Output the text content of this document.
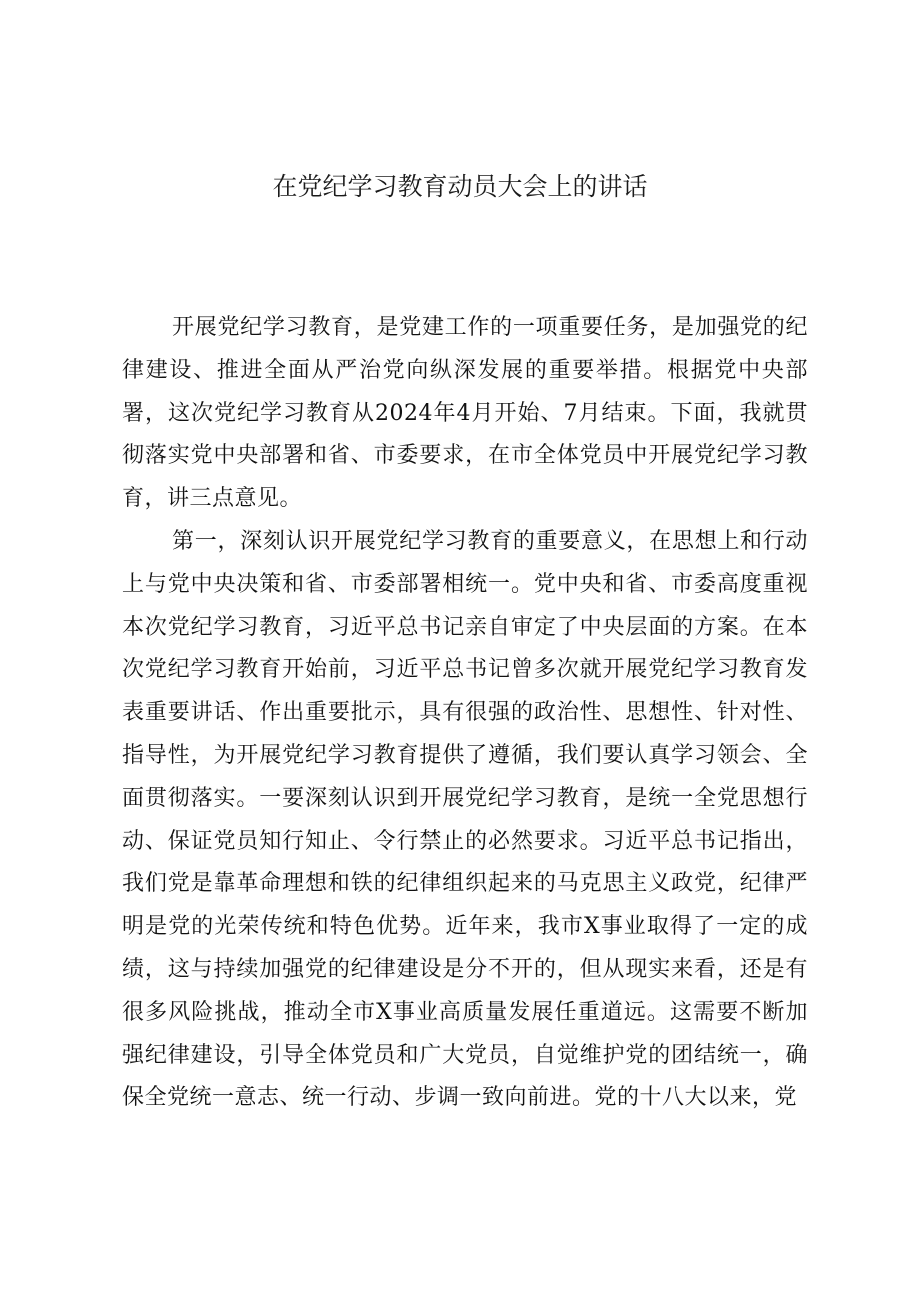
在党纪学习教育动员大会上的讲话

开展党纪学习教育，是党建工作的一项重要任务，是加强党的纪律建设、推进全面从严治党向纵深发展的重要举措。根据党中央部署，这次党纪学习教育从2024年4月开始、7月结束。下面，我就贯彻落实党中央部署和省、市委要求，在市全体党员中开展党纪学习教育，讲三点意见。

第一，深刻认识开展党纪学习教育的重要意义，在思想上和行动上与党中央决策和省、市委部署相统一。党中央和省、市委高度重视本次党纪学习教育，习近平总书记亲自审定了中央层面的方案。在本次党纪学习教育开始前，习近平总书记曾多次就开展党纪学习教育发表重要讲话、作出重要批示，具有很强的政治性、思想性、针对性、指导性，为开展党纪学习教育提供了遵循，我们要认真学习领会、全面贯彻落实。一要深刻认识到开展党纪学习教育，是统一全党思想行动、保证党员知行知止、令行禁止的必然要求。习近平总书记指出，我们党是靠革命理想和铁的纪律组织起来的马克思主义政党，纪律严明是党的光荣传统和特色优势。近年来，我市X事业取得了一定的成绩，这与持续加强党的纪律建设是分不开的，但从现实来看，还是有很多风险挑战，推动全市X事业高质量发展任重道远。这需要不断加强纪律建设，引导全体党员和广大党员，自觉维护党的团结统一，确保全党统一意志、统一行动、步调一致向前进。党的十八大以来，党
